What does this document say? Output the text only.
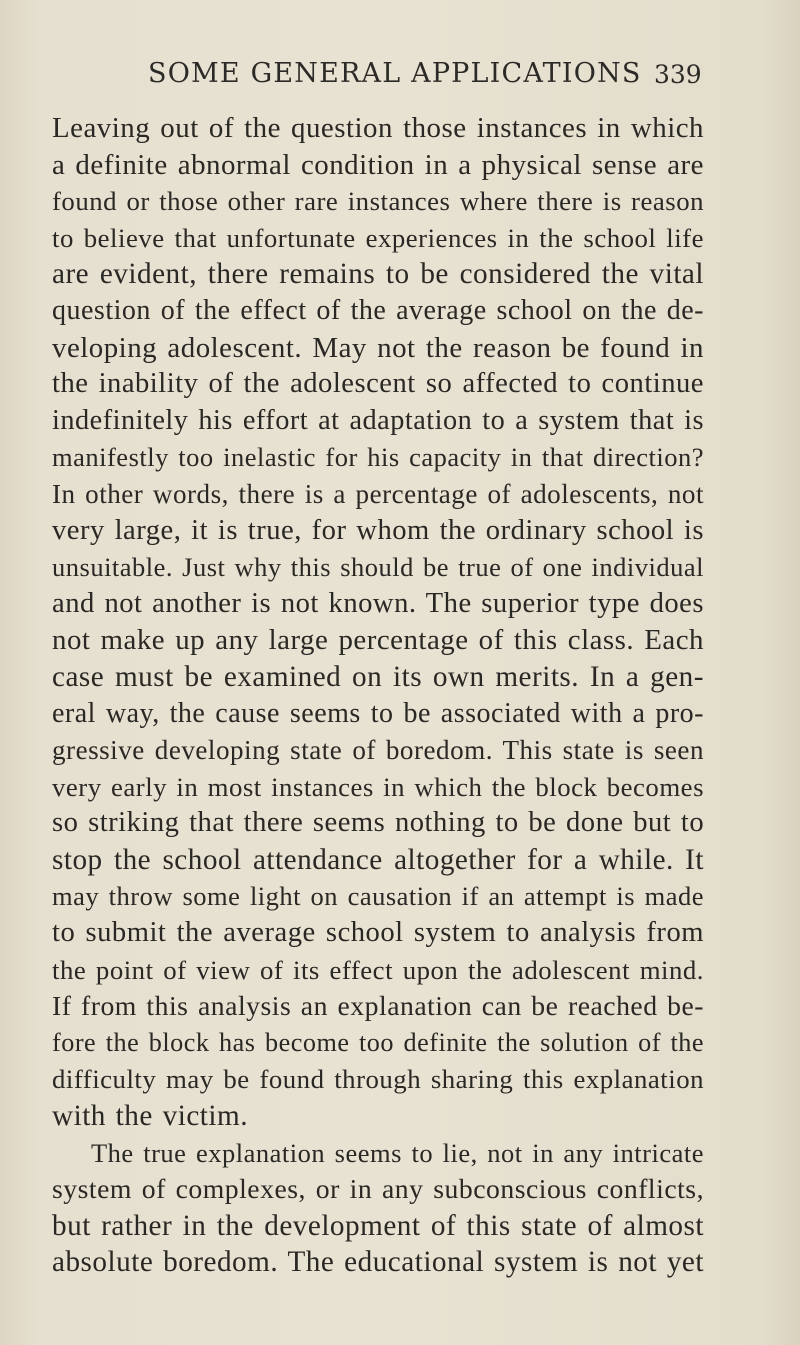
SOME GENERAL APPLICATIONS 339
Leaving out of the question those instances in which
a definite abnormal condition in a physical sense are
found or those other rare instances where there is reason
to believe that unfortunate experiences in the school life
are evident, there remains to be considered the vital
question of the effect of the average school on the de-
veloping adolescent. May not the reason be found in
the inability of the adolescent so affected to continue
indefinitely his effort at adaptation to a system that is
manifestly too inelastic for his capacity in that direction?
In other words, there is a percentage of adolescents, not
very large, it is true, for whom the ordinary school is
unsuitable. Just why this should be true of one individual
and not another is not known. The superior type does
not make up any large percentage of this class. Each
case must be examined on its own merits. In a gen-
eral way, the cause seems to be associated with a pro-
gressive developing state of boredom. This state is seen
very early in most instances in which the block becomes
so striking that there seems nothing to be done but to
stop the school attendance altogether for a while. It
may throw some light on causation if an attempt is made
to submit the average school system to analysis from
the point of view of its effect upon the adolescent mind.
If from this analysis an explanation can be reached be-
fore the block has become too definite the solution of the
difficulty may be found through sharing this explanation
with the victim.
The true explanation seems to lie, not in any intricate
system of complexes, or in any subconscious conflicts,
but rather in the development of this state of almost
absolute boredom. The educational system is not yet
